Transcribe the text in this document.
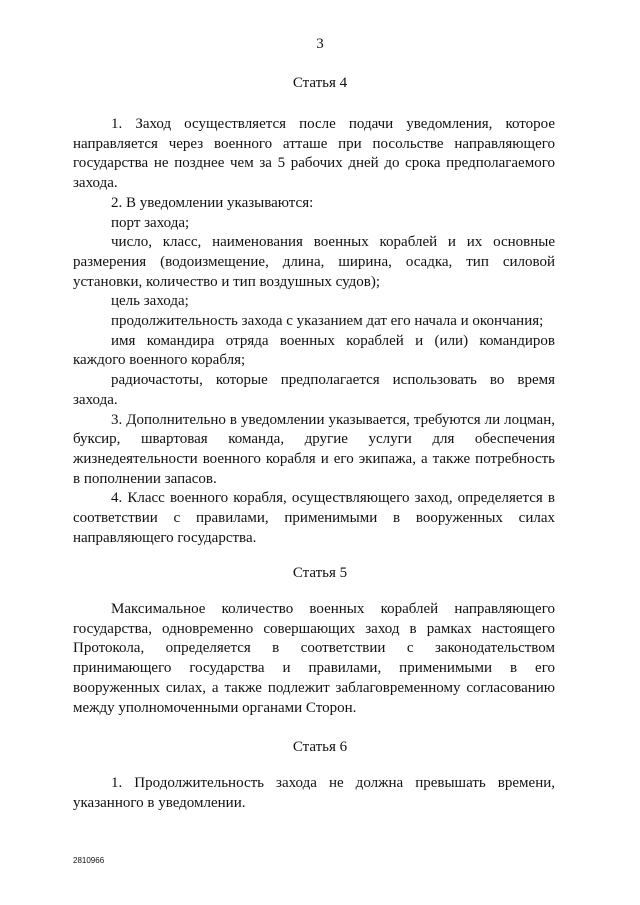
3
Статья 4

1. Заход осуществляется после подачи уведомления, которое направляется через военного атташе при посольстве направляющего государства не позднее чем за 5 рабочих дней до срока предполагаемого захода.

2. В уведомлении указываются:

порт захода;

число, класс, наименования военных кораблей и их основные размерения (водоизмещение, длина, ширина, осадка, тип силовой установки, количество и тип воздушных судов);

цель захода;

продолжительность захода с указанием дат его начала и окончания;

имя командира отряда военных кораблей и (или) командиров каждого военного корабля;

радиочастоты, которые предполагается использовать во время захода.

3. Дополнительно в уведомлении указывается, требуются ли лоцман, буксир, швартовая команда, другие услуги для обеспечения жизнедеятельности военного корабля и его экипажа, а также потребность в пополнении запасов.

4. Класс военного корабля, осуществляющего заход, определяется в соответствии с правилами, применимыми в вооруженных силах направляющего государства.

Статья 5

Максимальное количество военных кораблей направляющего государства, одновременно совершающих заход в рамках настоящего Протокола, определяется в соответствии с законодательством принимающего государства и правилами, применимыми в его вооруженных силах, а также подлежит заблаговременному согласованию между уполномоченными органами Сторон.

Статья 6

1. Продолжительность захода не должна превышать времени, указанного в уведомлении.

2810966
